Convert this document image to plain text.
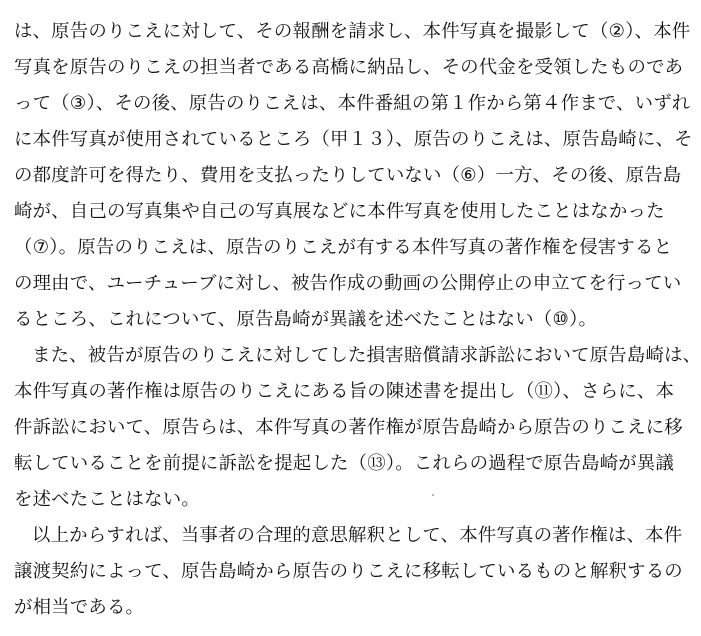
は、原告のりこえに対して、その報酬を請求し、本件写真を撮影して（②）、本件
写真を原告のりこえの担当者である高橋に納品し、その代金を受領したものであ
って（③）、その後、原告のりこえは、本件番組の第１作から第４作まで、いずれ
に本件写真が使用されているところ（甲１３）、原告のりこえは、原告島崎に、そ
の都度許可を得たり、費用を支払ったりしていない（⑥）一方、その後、原告島
崎が、自己の写真集や自己の写真展などに本件写真を使用したことはなかった
（⑦）。原告のりこえは、原告のりこえが有する本件写真の著作権を侵害すると
の理由で、ユーチューブに対し、被告作成の動画の公開停止の申立てを行ってい
るところ、これについて、原告島崎が異議を述べたことはない（⑩）。
また、被告が原告のりこえに対してした損害賠償請求訴訟において原告島崎は、
本件写真の著作権は原告のりこえにある旨の陳述書を提出し（⑪）、さらに、本
件訴訟において、原告らは、本件写真の著作権が原告島崎から原告のりこえに移
転していることを前提に訴訟を提起した（⑬）。これらの過程で原告島崎が異議
を述べたことはない。
以上からすれば、当事者の合理的意思解釈として、本件写真の著作権は、本件
譲渡契約によって、原告島崎から原告のりこえに移転しているものと解釈するの
が相当である。
